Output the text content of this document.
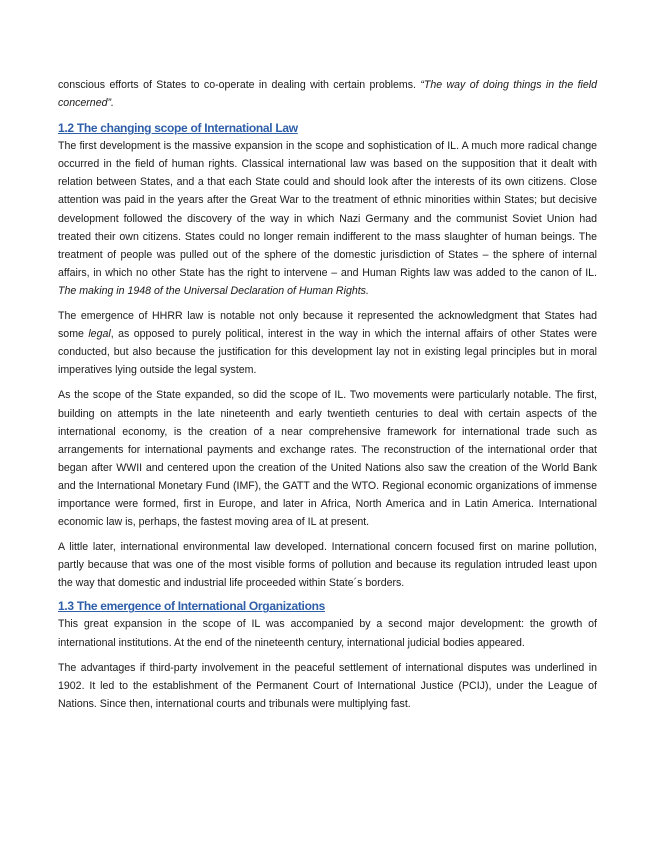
conscious efforts of States to co-operate in dealing with certain problems. “The way of doing things in the field concerned”.

1.2 The changing scope of International Law

The first development is the massive expansion in the scope and sophistication of IL. A much more radical change occurred in the field of human rights. Classical international law was based on the supposition that it dealt with relation between States, and a that each State could and should look after the interests of its own citizens. Close attention was paid in the years after the Great War to the treatment of ethnic minorities within States; but decisive development followed the discovery of the way in which Nazi Germany and the communist Soviet Union had treated their own citizens. States could no longer remain indifferent to the mass slaughter of human beings. The treatment of people was pulled out of the sphere of the domestic jurisdiction of States – the sphere of internal affairs, in which no other State has the right to intervene – and Human Rights law was added to the canon of IL. The making in 1948 of the Universal Declaration of Human Rights.

The emergence of HHRR law is notable not only because it represented the acknowledgment that States had some legal, as opposed to purely political, interest in the way in which the internal affairs of other States were conducted, but also because the justification for this development lay not in existing legal principles but in moral imperatives lying outside the legal system.

As the scope of the State expanded, so did the scope of IL. Two movements were particularly notable. The first, building on attempts in the late nineteenth and early twentieth centuries to deal with certain aspects of the international economy, is the creation of a near comprehensive framework for international trade such as arrangements for international payments and exchange rates. The reconstruction of the international order that began after WWII and centered upon the creation of the United Nations also saw the creation of the World Bank and the International Monetary Fund (IMF), the GATT and the WTO. Regional economic organizations of immense importance were formed, first in Europe, and later in Africa, North America and in Latin America. International economic law is, perhaps, the fastest moving area of IL at present.

A little later, international environmental law developed. International concern focused first on marine pollution, partly because that was one of the most visible forms of pollution and because its regulation intruded least upon the way that domestic and industrial life proceeded within State´s borders.

1.3 The emergence of International Organizations

This great expansion in the scope of IL was accompanied by a second major development: the growth of international institutions. At the end of the nineteenth century, international judicial bodies appeared.

The advantages if third-party involvement in the peaceful settlement of international disputes was underlined in 1902. It led to the establishment of the Permanent Court of International Justice (PCIJ), under the League of Nations. Since then, international courts and tribunals were multiplying fast.
